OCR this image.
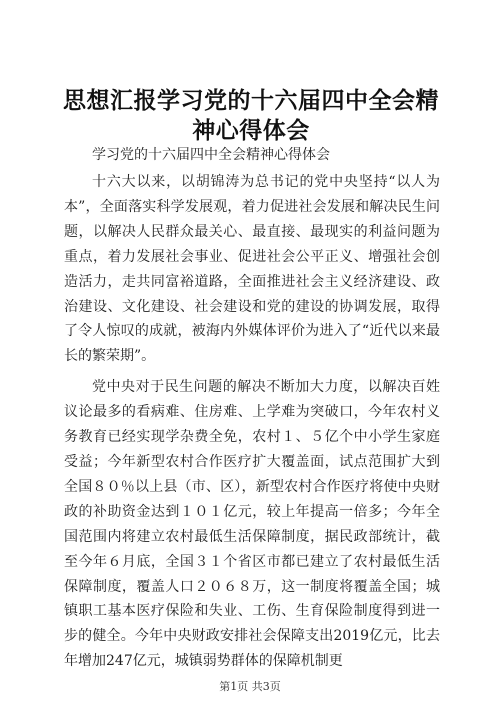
思想汇报学习党的十六届四中全会精神心得体会
学习党的十六届四中全会精神心得体会

十六大以来，以胡锦涛为总书记的党中央坚持“以人为本”，全面落实科学发展观，着力促进社会发展和解决民生问题，以解决人民群众最关心、最直接、最现实的利益问题为重点，着力发展社会事业、促进社会公平正义、增强社会创造活力，走共同富裕道路，全面推进社会主义经济建设、政治建设、文化建设、社会建设和党的建设的协调发展，取得了令人惊叹的成就，被海内外媒体评价为进入了“近代以来最长的繁荣期”。

党中央对于民生问题的解决不断加大力度，以解决百姓议论最多的看病难、住房难、上学难为突破口，今年农村义务教育已经实现学杂费全免，农村１、５亿个中小学生家庭受益；今年新型农村合作医疗扩大覆盖面，试点范围扩大到全国８０％以上县（市、区），新型农村合作医疗将使中央财政的补助资金达到１０１亿元，较上年提高一倍多；今年全国范围内将建立农村最低生活保障制度，据民政部统计，截至今年６月底，全国３１个省区市都已建立了农村最低生活保障制度，覆盖人口２０６８万，这一制度将覆盖全国；城镇职工基本医疗保险和失业、工伤、生育保险制度得到进一步的健全。今年中央财政安排社会保障支出2019亿元，比去年增加247亿元，城镇弱势群体的保障机制更

第1页 共3页
